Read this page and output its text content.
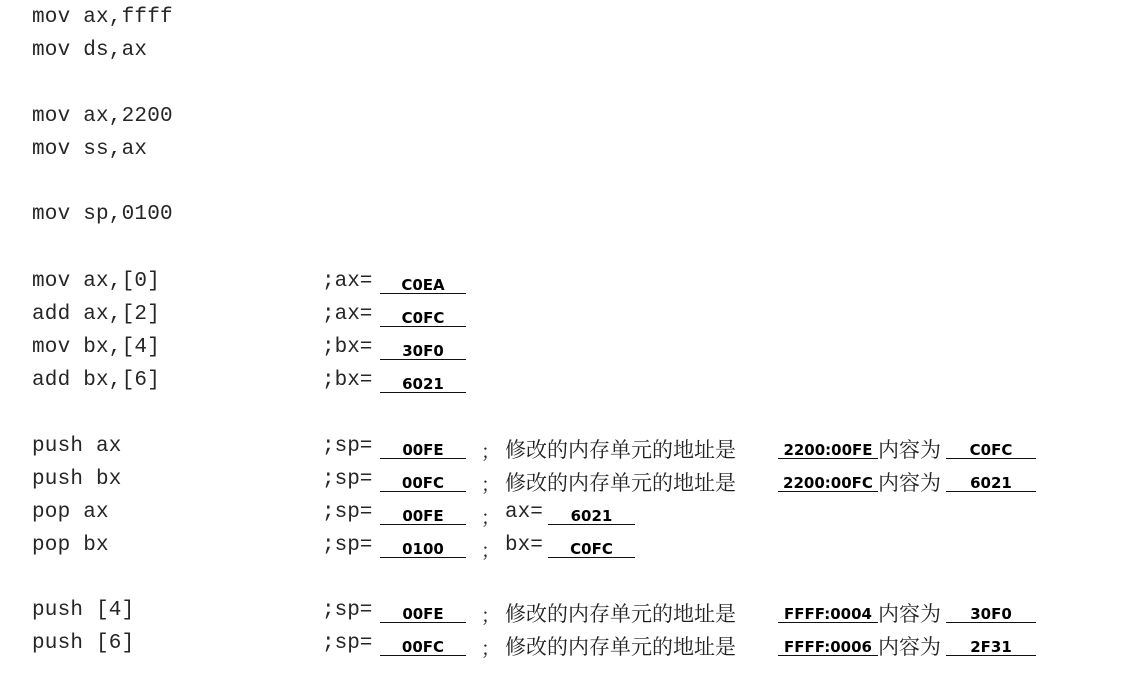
mov ax,ffff
mov ds,ax
mov ax,2200
mov ss,ax
mov sp,0100
mov ax,[0]	;ax=	C0EA
add ax,[2]	;ax=	C0FC
mov bx,[4]	;bx=	30F0
add bx,[6]	;bx=	6021
push ax	;sp=	00FE	； 修改的内存单元的地址是	2200:00FE 内容为	C0FC
push bx	;sp=	00FC	； 修改的内存单元的地址是	2200:00FC 内容为	6021
pop ax	;sp=	00FE	； ax=	6021
pop bx	;sp=	0100	； bx=	C0FC
push [4]	;sp=	00FE	； 修改的内存单元的地址是	FFFF:0004 内容为	30F0
push [6]	;sp=	00FC	； 修改的内存单元的地址是	FFFF:0006 内容为	2F31
